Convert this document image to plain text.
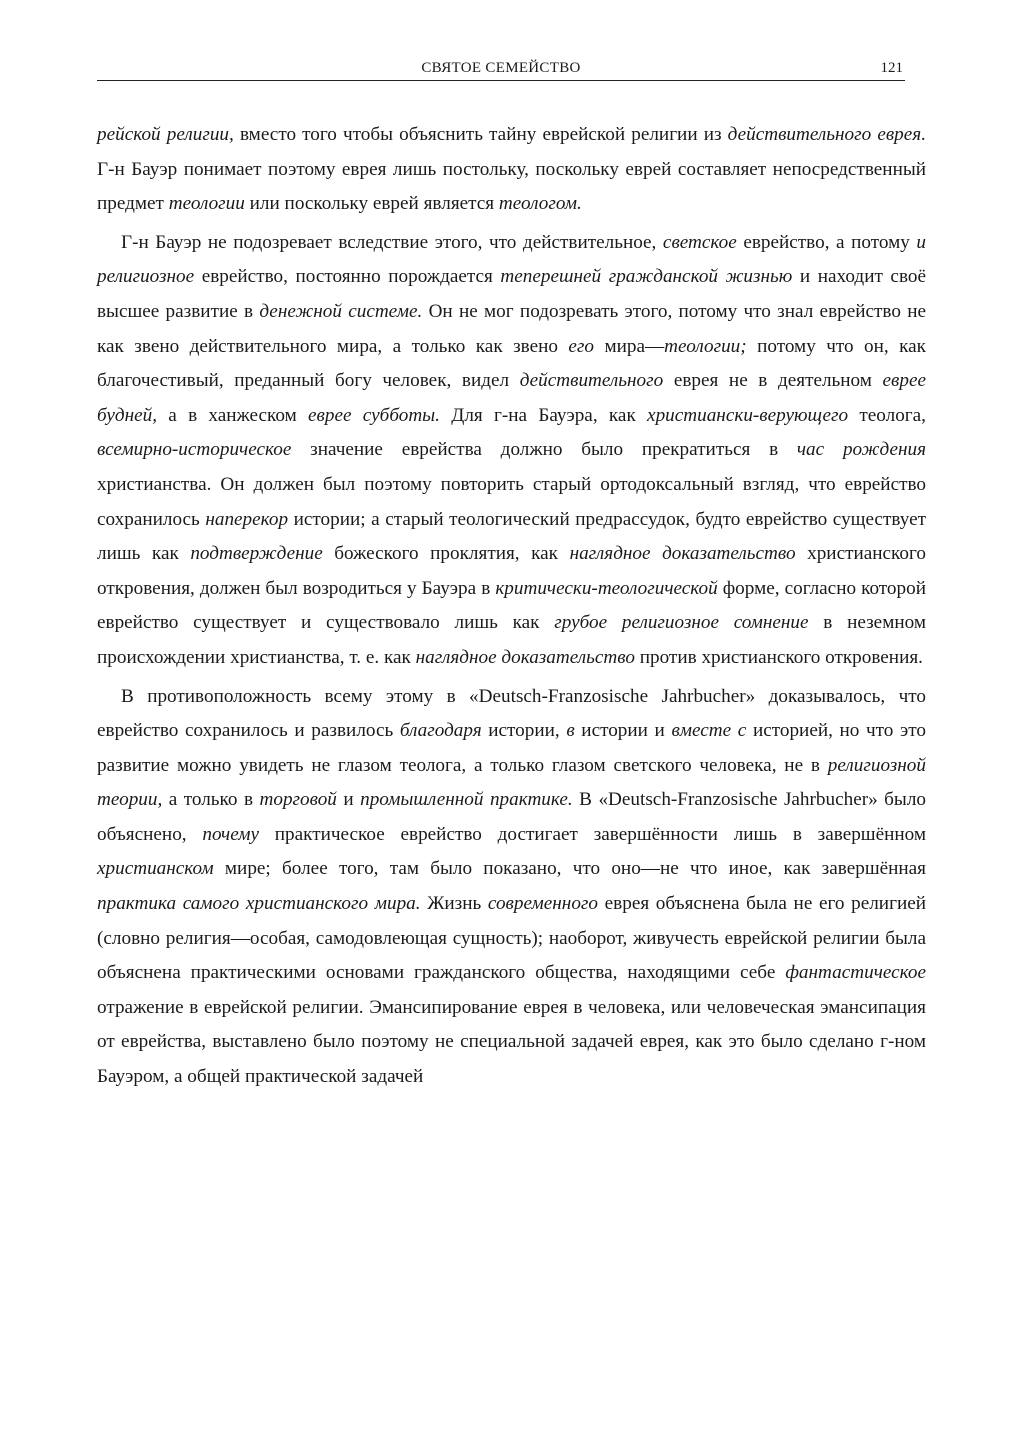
СВЯТОЕ СЕМЕЙСТВО	121

рейской религии, вместо того чтобы объяснить тайну еврейской религии из действительного еврея. Г-н Бауэр понимает поэтому еврея лишь постольку, поскольку еврей составляет непосредственный предмет теологии или поскольку еврей является теологом.

Г-н Бауэр не подозревает вследствие этого, что действительное, светское еврейство, а потому и религиозное еврейство, постоянно порождается теперешней гражданской жизнью и находит своё высшее развитие в денежной системе. Он не мог подозревать этого, потому что знал еврейство не как звено действительного мира, а только как звено его мира—теологии; потому что он, как благочестивый, преданный богу человек, видел действительного еврея не в деятельном еврее будней, а в ханжеском еврее субботы. Для г-на Бауэра, как христиански-верующего теолога, всемирно-историческое значение еврейства должно было прекратиться в час рождения христианства. Он должен был поэтому повторить старый ортодоксальный взгляд, что еврейство сохранилось наперекор истории; а старый теологический предрассудок, будто еврейство существует лишь как подтверждение божеского проклятия, как наглядное доказательство христианского откровения, должен был возродиться у Бауэра в критически-теологической форме, согласно которой еврейство существует и существовало лишь как грубое религиозное сомнение в неземном происхождении христианства, т. е. как наглядное доказательство против христианского откровения.

В противоположность всему этому в «Deutsch-Franzosische Jahrbucher» доказывалось, что еврейство сохранилось и развилось благодаря истории, в истории и вместе с историей, но что это развитие можно увидеть не глазом теолога, а только глазом светского человека, не в религиозной теории, а только в торговой и промышленной практике. В «Deutsch-Franzosische Jahrbucher» было объяснено, почему практическое еврейство достигает завершённости лишь в завершённом христианском мире; более того, там было показано, что оно—не что иное, как завершённая практика самого христианского мира. Жизнь современного еврея объяснена была не его религией (словно религия—особая, самодовлеющая сущность); наоборот, живучесть еврейской религии была объяснена практическими основами гражданского общества, находящими себе фантастическое отражение в еврейской религии. Эмансипирование еврея в человека, или человеческая эмансипация от еврейства, выставлено было поэтому не специальной задачей еврея, как это было сделано г-ном Бауэром, а общей практической задачей
